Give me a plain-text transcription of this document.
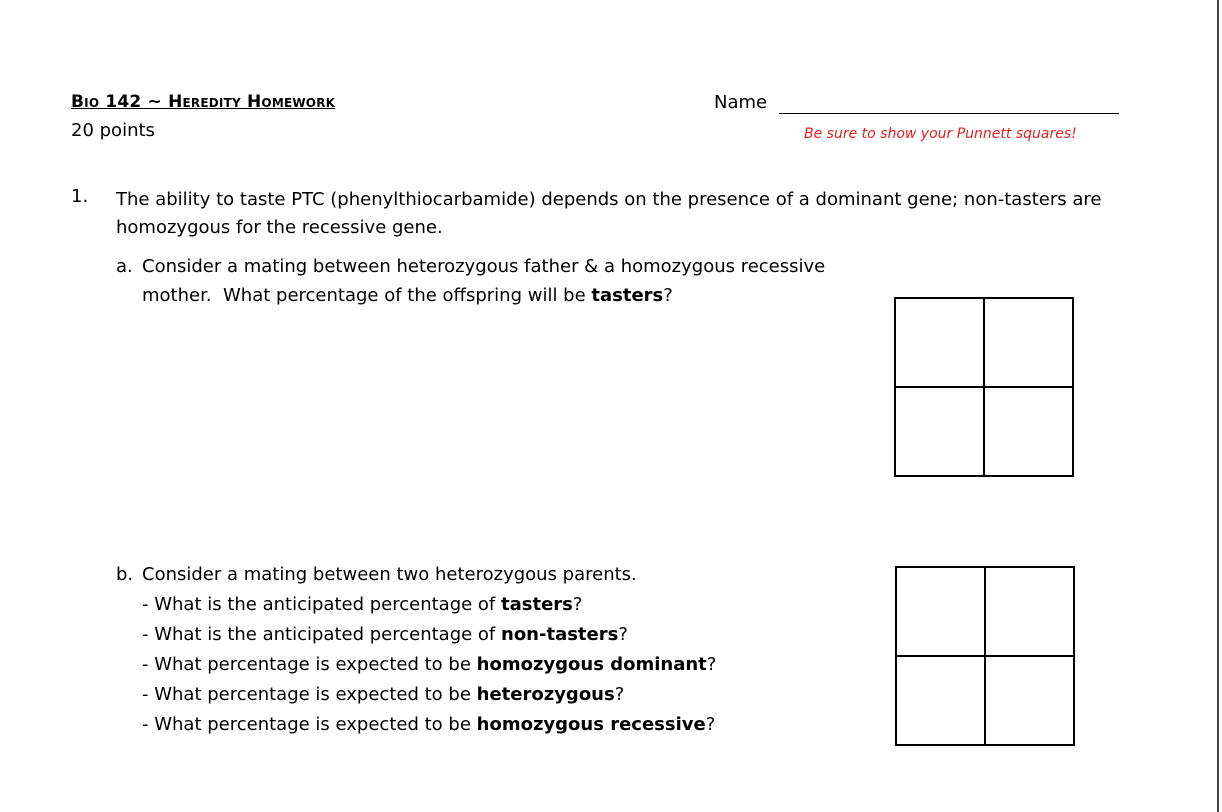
Bio 142 ~ Heredity Homework
20 points
Name
Be sure to show your Punnett squares!
1. The ability to taste PTC (phenylthiocarbamide) depends on the presence of a dominant gene; non-tasters are homozygous for the recessive gene.
a. Consider a mating between heterozygous father & a homozygous recessive
mother.  What percentage of the offspring will be tasters?
b. Consider a mating between two heterozygous parents.
- What is the anticipated percentage of tasters?
- What is the anticipated percentage of non-tasters?
- What percentage is expected to be homozygous dominant?
- What percentage is expected to be heterozygous?
- What percentage is expected to be homozygous recessive?
